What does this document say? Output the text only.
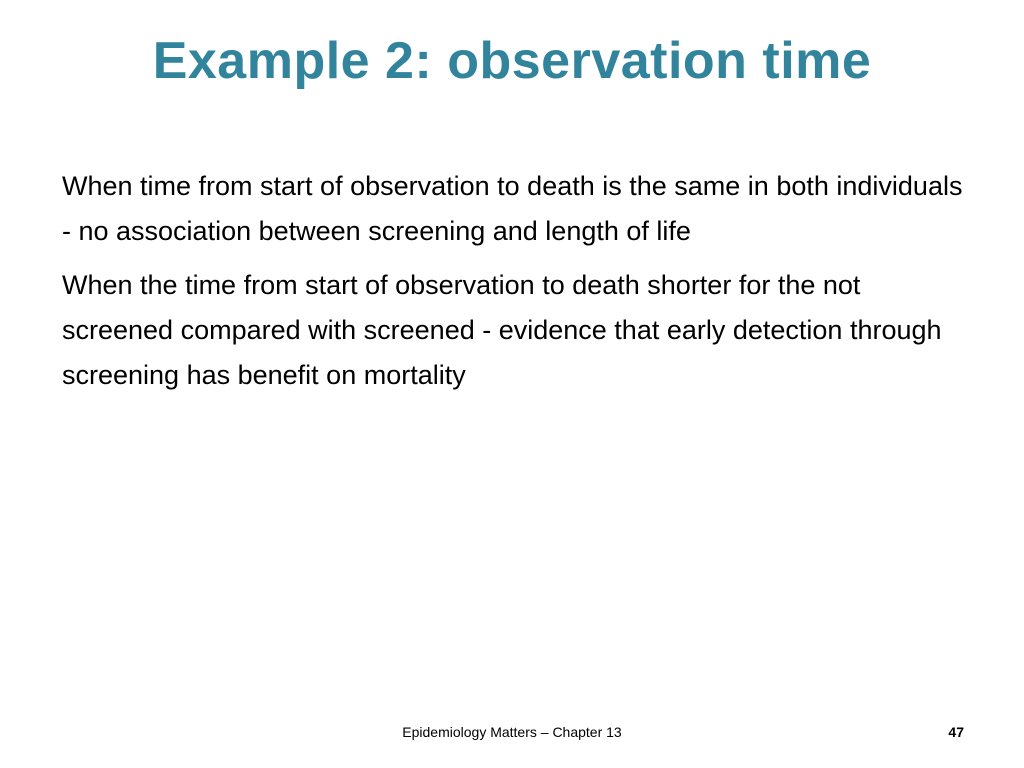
Example 2: observation time

When time from start of observation to death is the same in both individuals - no association between screening and length of life

When the time from start of observation to death shorter for the not screened compared with screened - evidence that early detection through screening has benefit on mortality

Epidemiology Matters – Chapter 13	47
